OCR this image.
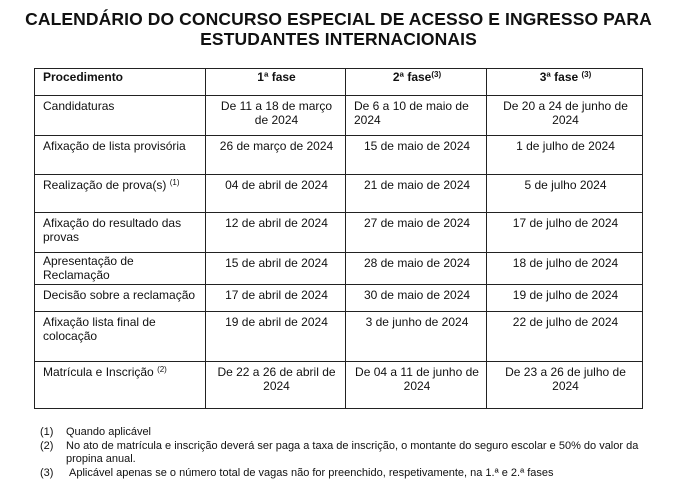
CALENDÁRIO DO CONCURSO ESPECIAL DE ACESSO E INGRESSO PARA
ESTUDANTES INTERNACIONAIS
Procedimento	1ª fase	2ª fase$^{(3)}$	3ª fase $^{(3)}$
Candidaturas	De 11 a 18 de março de 2024	De 6 a 10 de maio de 2024	De 20 a 24 de junho de 2024
Afixação de lista provisória	26 de março de 2024	15 de maio de 2024	1 de julho de 2024
Realização de prova(s) $^{(1)}$	04 de abril de 2024	21 de maio de 2024	5 de julho 2024
Afixação do resultado das provas	12 de abril de 2024	27 de maio de 2024	17 de julho de 2024
Apresentação de Reclamação	15 de abril de 2024	28 de maio de 2024	18 de julho de 2024
Decisão sobre a reclamação	17 de abril de 2024	30 de maio de 2024	19 de julho de 2024
Afixação lista final de colocação	19 de abril de 2024	3 de junho de 2024	22 de julho de 2024
Matrícula e Inscrição $^{(2)}$	De 22 a 26 de abril de 2024	De 04 a 11 de junho de 2024	De 23 a 26 de julho de 2024
(1)	Quando aplicável
(2)	No ato de matrícula e inscrição deverá ser paga a taxa de inscrição, o montante do seguro escolar e 50% do valor da propina anual.
(3)	Aplicável apenas se o número total de vagas não for preenchido, respetivamente, na 1.ª e 2.ª fases
